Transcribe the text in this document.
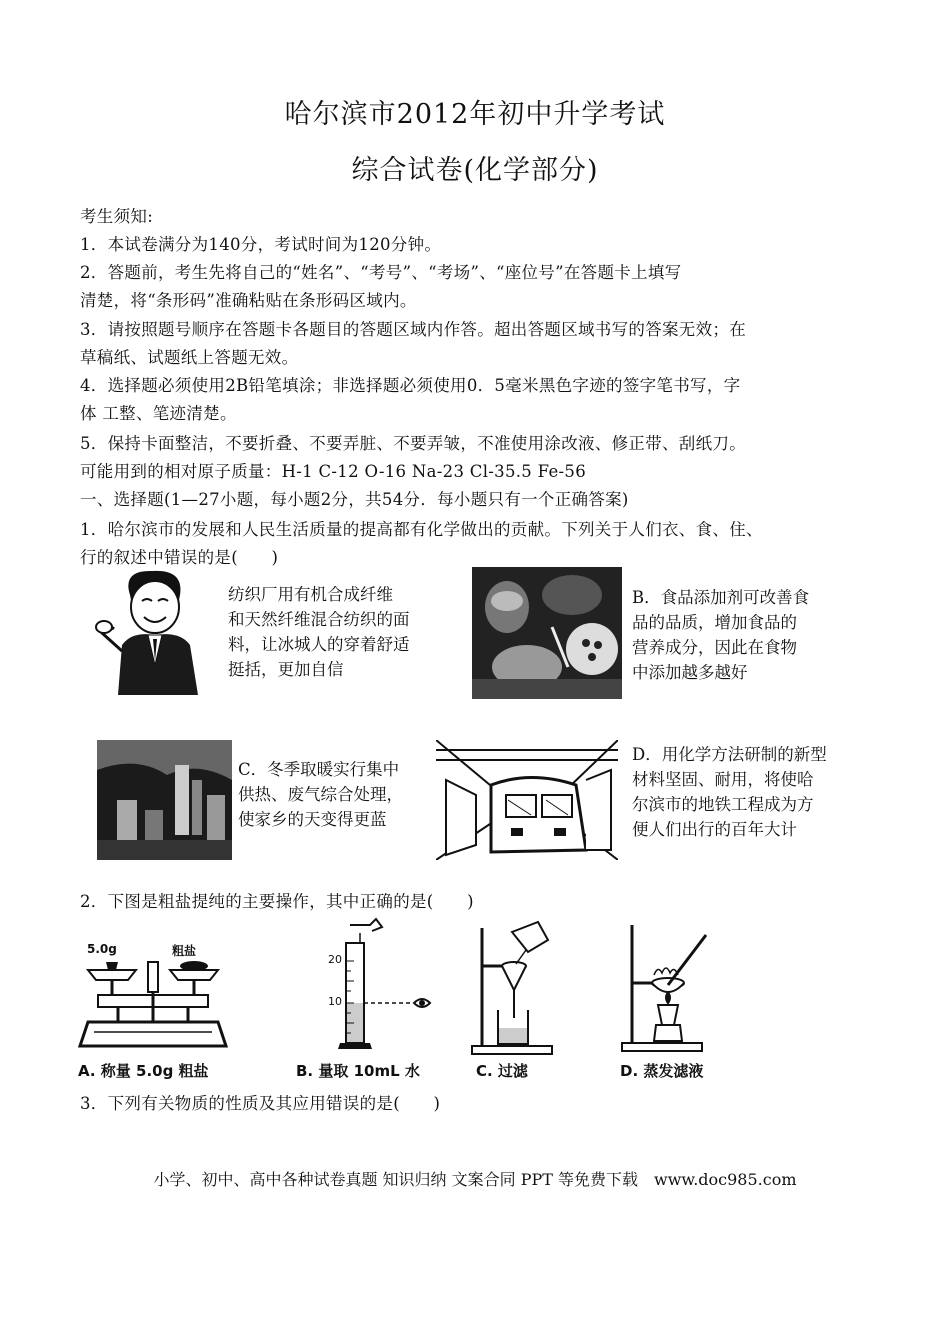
哈尔滨市2012年初中升学考试
综合试卷(化学部分)
考生须知:
1．本试卷满分为140分，考试时间为120分钟。
2．答题前，考生先将自己的“姓名”、“考号”、“考场”、“座位号”在答题卡上填写
清楚，将“条形码”准确粘贴在条形码区域内。
3．请按照题号顺序在答题卡各题目的答题区域内作答。超出答题区域书写的答案无效；在
草稿纸、试题纸上答题无效。
4．选择题必须使用2B铅笔填涂；非选择题必须使用0．5毫米黑色字迹的签字笔书写，字
体 工整、笔迹清楚。
5．保持卡面整洁，不要折叠、不要弄脏、不要弄皱，不准使用涂改液、修正带、刮纸刀。
可能用到的相对原子质量：H-1 C-12 O-16 Na-23 Cl-35.5 Fe-56
一、选择题(1—27小题，每小题2分，共54分．每小题只有一个正确答案)
1．哈尔滨市的发展和人民生活质量的提高都有化学做出的贡献。下列关于人们衣、食、住、
行的叙述中错误的是(　　)
纺织厂用有机合成纤维
和天然纤维混合纺织的面
料，让冰城人的穿着舒适
挺括，更加自信
B．食品添加剂可改善食
品的品质，增加食品的
营养成分，因此在食物
中添加越多越好
C．冬季取暖实行集中
供热、废气综合处理，
使家乡的天变得更蓝
D．用化学方法研制的新型
材料坚固、耐用，将使哈
尔滨市的地铁工程成为方
便人们出行的百年大计
2．下图是粗盐提纯的主要操作，其中正确的是(　　)
5.0g	粗盐
A. 称量 5.0g 粗盐
20
10
B. 量取 10mL 水	C. 过滤	D. 蒸发滤液
3．下列有关物质的性质及其应用错误的是(　　)
小学、初中、高中各种试卷真题 知识归纳 文案合同 PPT 等免费下载　www.doc985.com
